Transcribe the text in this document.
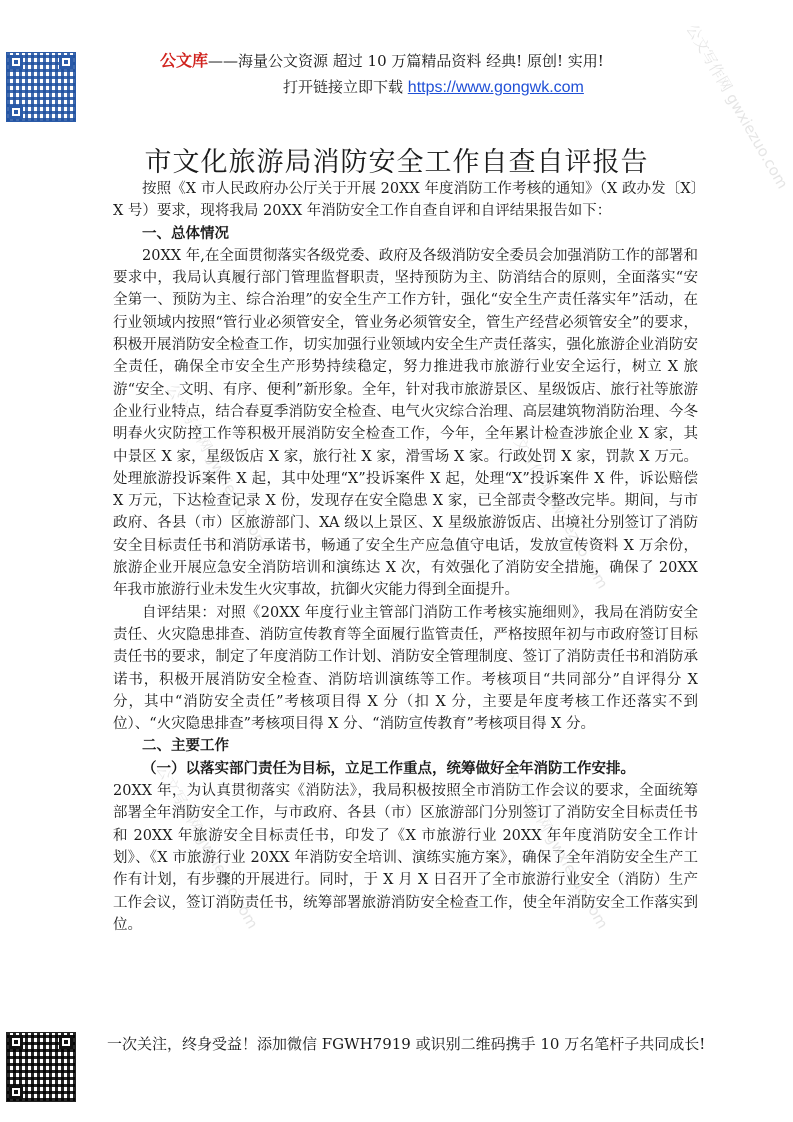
公文库——海量公文资源 超过 10 万篇精品资料 经典! 原创! 实用!
打开链接立即下载 https://www.gongwk.com	公文写作网 gwxiezuo.com
公文写作网 gwxiezuo.com	公文写作网 gwxiezuo.com
公文写作网 gwxiezuo.com	公文写作网 gwxiezuo.com
市文化旅游局消防安全工作自查自评报告

按照《X 市人民政府办公厅关于开展 20XX 年度消防工作考核的通知》（X 政办发〔X〕X 号）要求，现将我局 20XX 年消防安全工作自查自评和自评结果报告如下：

一、总体情况

20XX 年,在全面贯彻落实各级党委、政府及各级消防安全委员会加强消防工作的部署和要求中，我局认真履行部门管理监督职责，坚持预防为主、防消结合的原则，全面落实“安全第一、预防为主、综合治理”的安全生产工作方针，强化“安全生产责任落实年”活动，在行业领域内按照“管行业必须管安全，管业务必须管安全，管生产经营必须管安全”的要求，积极开展消防安全检查工作，切实加强行业领域内安全生产责任落实，强化旅游企业消防安全责任，确保全市安全生产形势持续稳定，努力推进我市旅游行业安全运行，树立 X 旅游“安全、文明、有序、便利”新形象。全年，针对我市旅游景区、星级饭店、旅行社等旅游企业行业特点，结合春夏季消防安全检查、电气火灾综合治理、高层建筑物消防治理、今冬明春火灾防控工作等积极开展消防安全检查工作，今年，全年累计检查涉旅企业 X 家，其中景区 X 家，星级饭店 X 家，旅行社 X 家，滑雪场 X 家。行政处罚 X 家，罚款 X 万元。处理旅游投诉案件 X 起，其中处理“X”投诉案件 X 起，处理“X”投诉案件 X 件，诉讼赔偿 X 万元，下达检查记录 X 份，发现存在安全隐患 X 家，已全部责令整改完毕。期间，与市政府、各县（市）区旅游部门、XA 级以上景区、X 星级旅游饭店、出境社分别签订了消防安全目标责任书和消防承诺书，畅通了安全生产应急值守电话，发放宣传资料 X 万余份，旅游企业开展应急安全消防培训和演练达 X 次，有效强化了消防安全措施，确保了 20XX 年我市旅游行业未发生火灾事故，抗御火灾能力得到全面提升。

自评结果：对照《20XX 年度行业主管部门消防工作考核实施细则》，我局在消防安全责任、火灾隐患排查、消防宣传教育等全面履行监管责任，严格按照年初与市政府签订目标责任书的要求，制定了年度消防工作计划、消防安全管理制度、签订了消防责任书和消防承诺书，积极开展消防安全检查、消防培训演练等工作。考核项目“共同部分”自评得分 X 分，其中“消防安全责任”考核项目得 X 分（扣 X 分，主要是年度考核工作还落实不到位）、“火灾隐患排查”考核项目得 X 分、“消防宣传教育”考核项目得 X 分。

二、主要工作
（一）以落实部门责任为目标，立足工作重点，统筹做好全年消防工作安排。

20XX 年，为认真贯彻落实《消防法》，我局积极按照全市消防工作会议的要求，全面统筹部署全年消防安全工作，与市政府、各县（市）区旅游部门分别签订了消防安全目标责任书和 20XX 年旅游安全目标责任书，印发了《X 市旅游行业 20XX 年年度消防安全工作计划》、《X 市旅游行业 20XX 年消防安全培训、演练实施方案》，确保了全年消防安全生产工作有计划，有步骤的开展进行。同时，于 X 月 X 日召开了全市旅游行业安全（消防）生产工作会议，签订消防责任书，统筹部署旅游消防安全检查工作，使全年消防安全工作落实到位。

一次关注，终身受益！添加微信 FGWH7919 或识别二维码携手 10 万名笔杆子共同成长!
